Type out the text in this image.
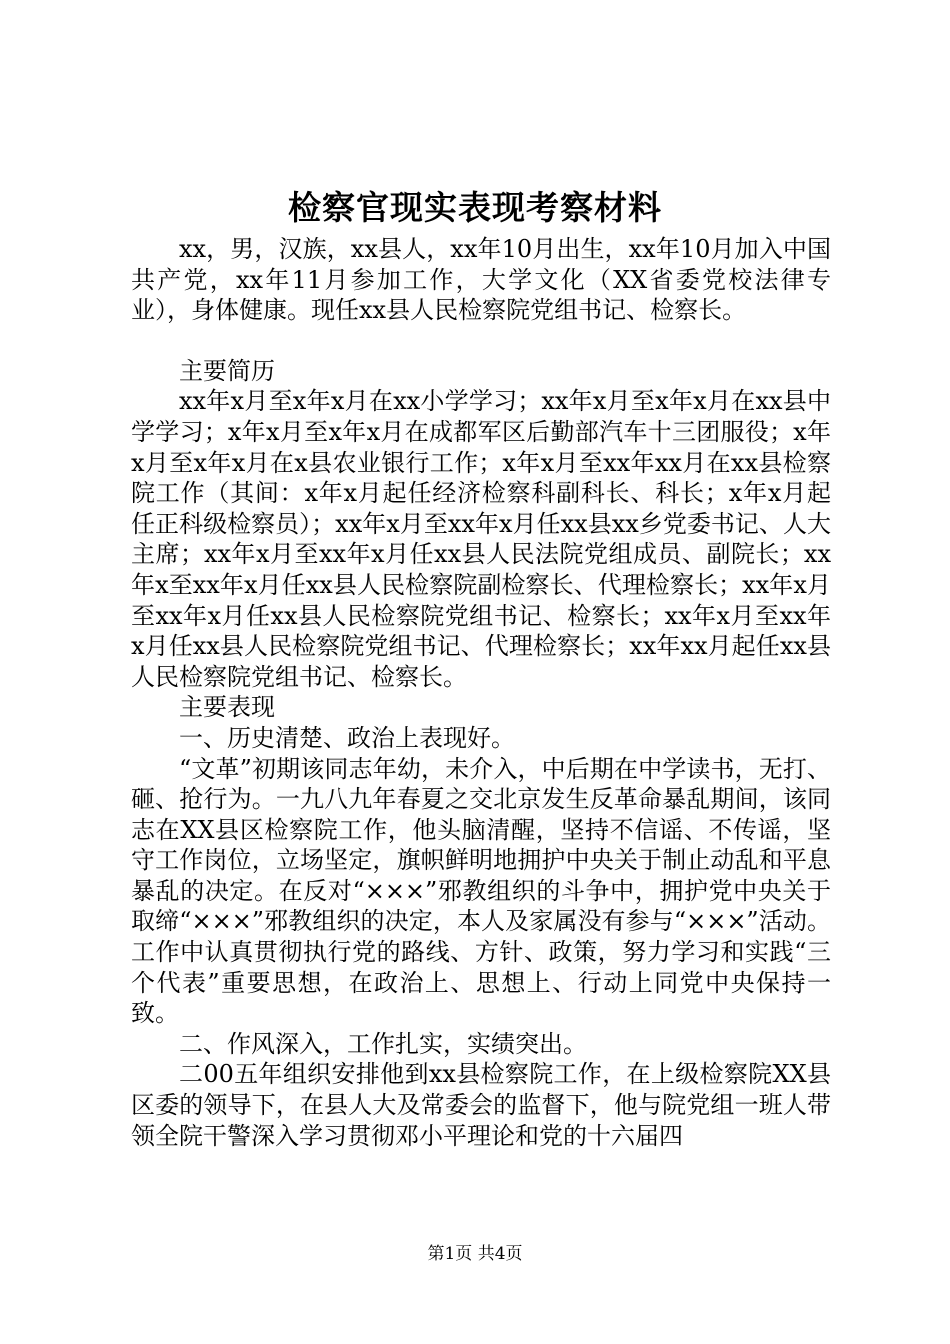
检察官现实表现考察材料

xx，男，汉族，xx县人，xx年10月出生，xx年10月加入中国共产党，xx年11月参加工作，大学文化（XX省委党校法律专业），身体健康。现任xx县人民检察院党组书记、检察长。

主要简历

xx年x月至x年x月在xx小学学习；xx年x月至x年x月在xx县中学学习；x年x月至x年x月在成都军区后勤部汽车十三团服役；x年x月至x年x月在x县农业银行工作；x年x月至xx年xx月在xx县检察院工作（其间：x年x月起任经济检察科副科长、科长；x年x月起任正科级检察员）；xx年x月至xx年x月任xx县xx乡党委书记、人大主席；xx年x月至xx年x月任xx县人民法院党组成员、副院长；xx年x至xx年x月任xx县人民检察院副检察长、代理检察长；xx年x月至xx年x月任xx县人民检察院党组书记、检察长；xx年x月至xx年x月任xx县人民检察院党组书记、代理检察长；xx年xx月起任xx县人民检察院党组书记、检察长。

主要表现

一、历史清楚、政治上表现好。

“文革”初期该同志年幼，未介入，中后期在中学读书，无打、砸、抢行为。一九八九年春夏之交北京发生反革命暴乱期间，该同志在XX县区检察院工作，他头脑清醒，坚持不信谣、不传谣，坚守工作岗位，立场坚定，旗帜鲜明地拥护中央关于制止动乱和平息暴乱的决定。在反对“×××”邪教组织的斗争中，拥护党中央关于取缔“×××”邪教组织的决定，本人及家属没有参与“×××”活动。工作中认真贯彻执行党的路线、方针、政策，努力学习和实践“三个代表”重要思想，在政治上、思想上、行动上同党中央保持一致。

二、作风深入，工作扎实，实绩突出。

二00五年组织安排他到xx县检察院工作，在上级检察院XX县区委的领导下，在县人大及常委会的监督下，他与院党组一班人带领全院干警深入学习贯彻邓小平理论和党的十六届四

第1页 共4页
